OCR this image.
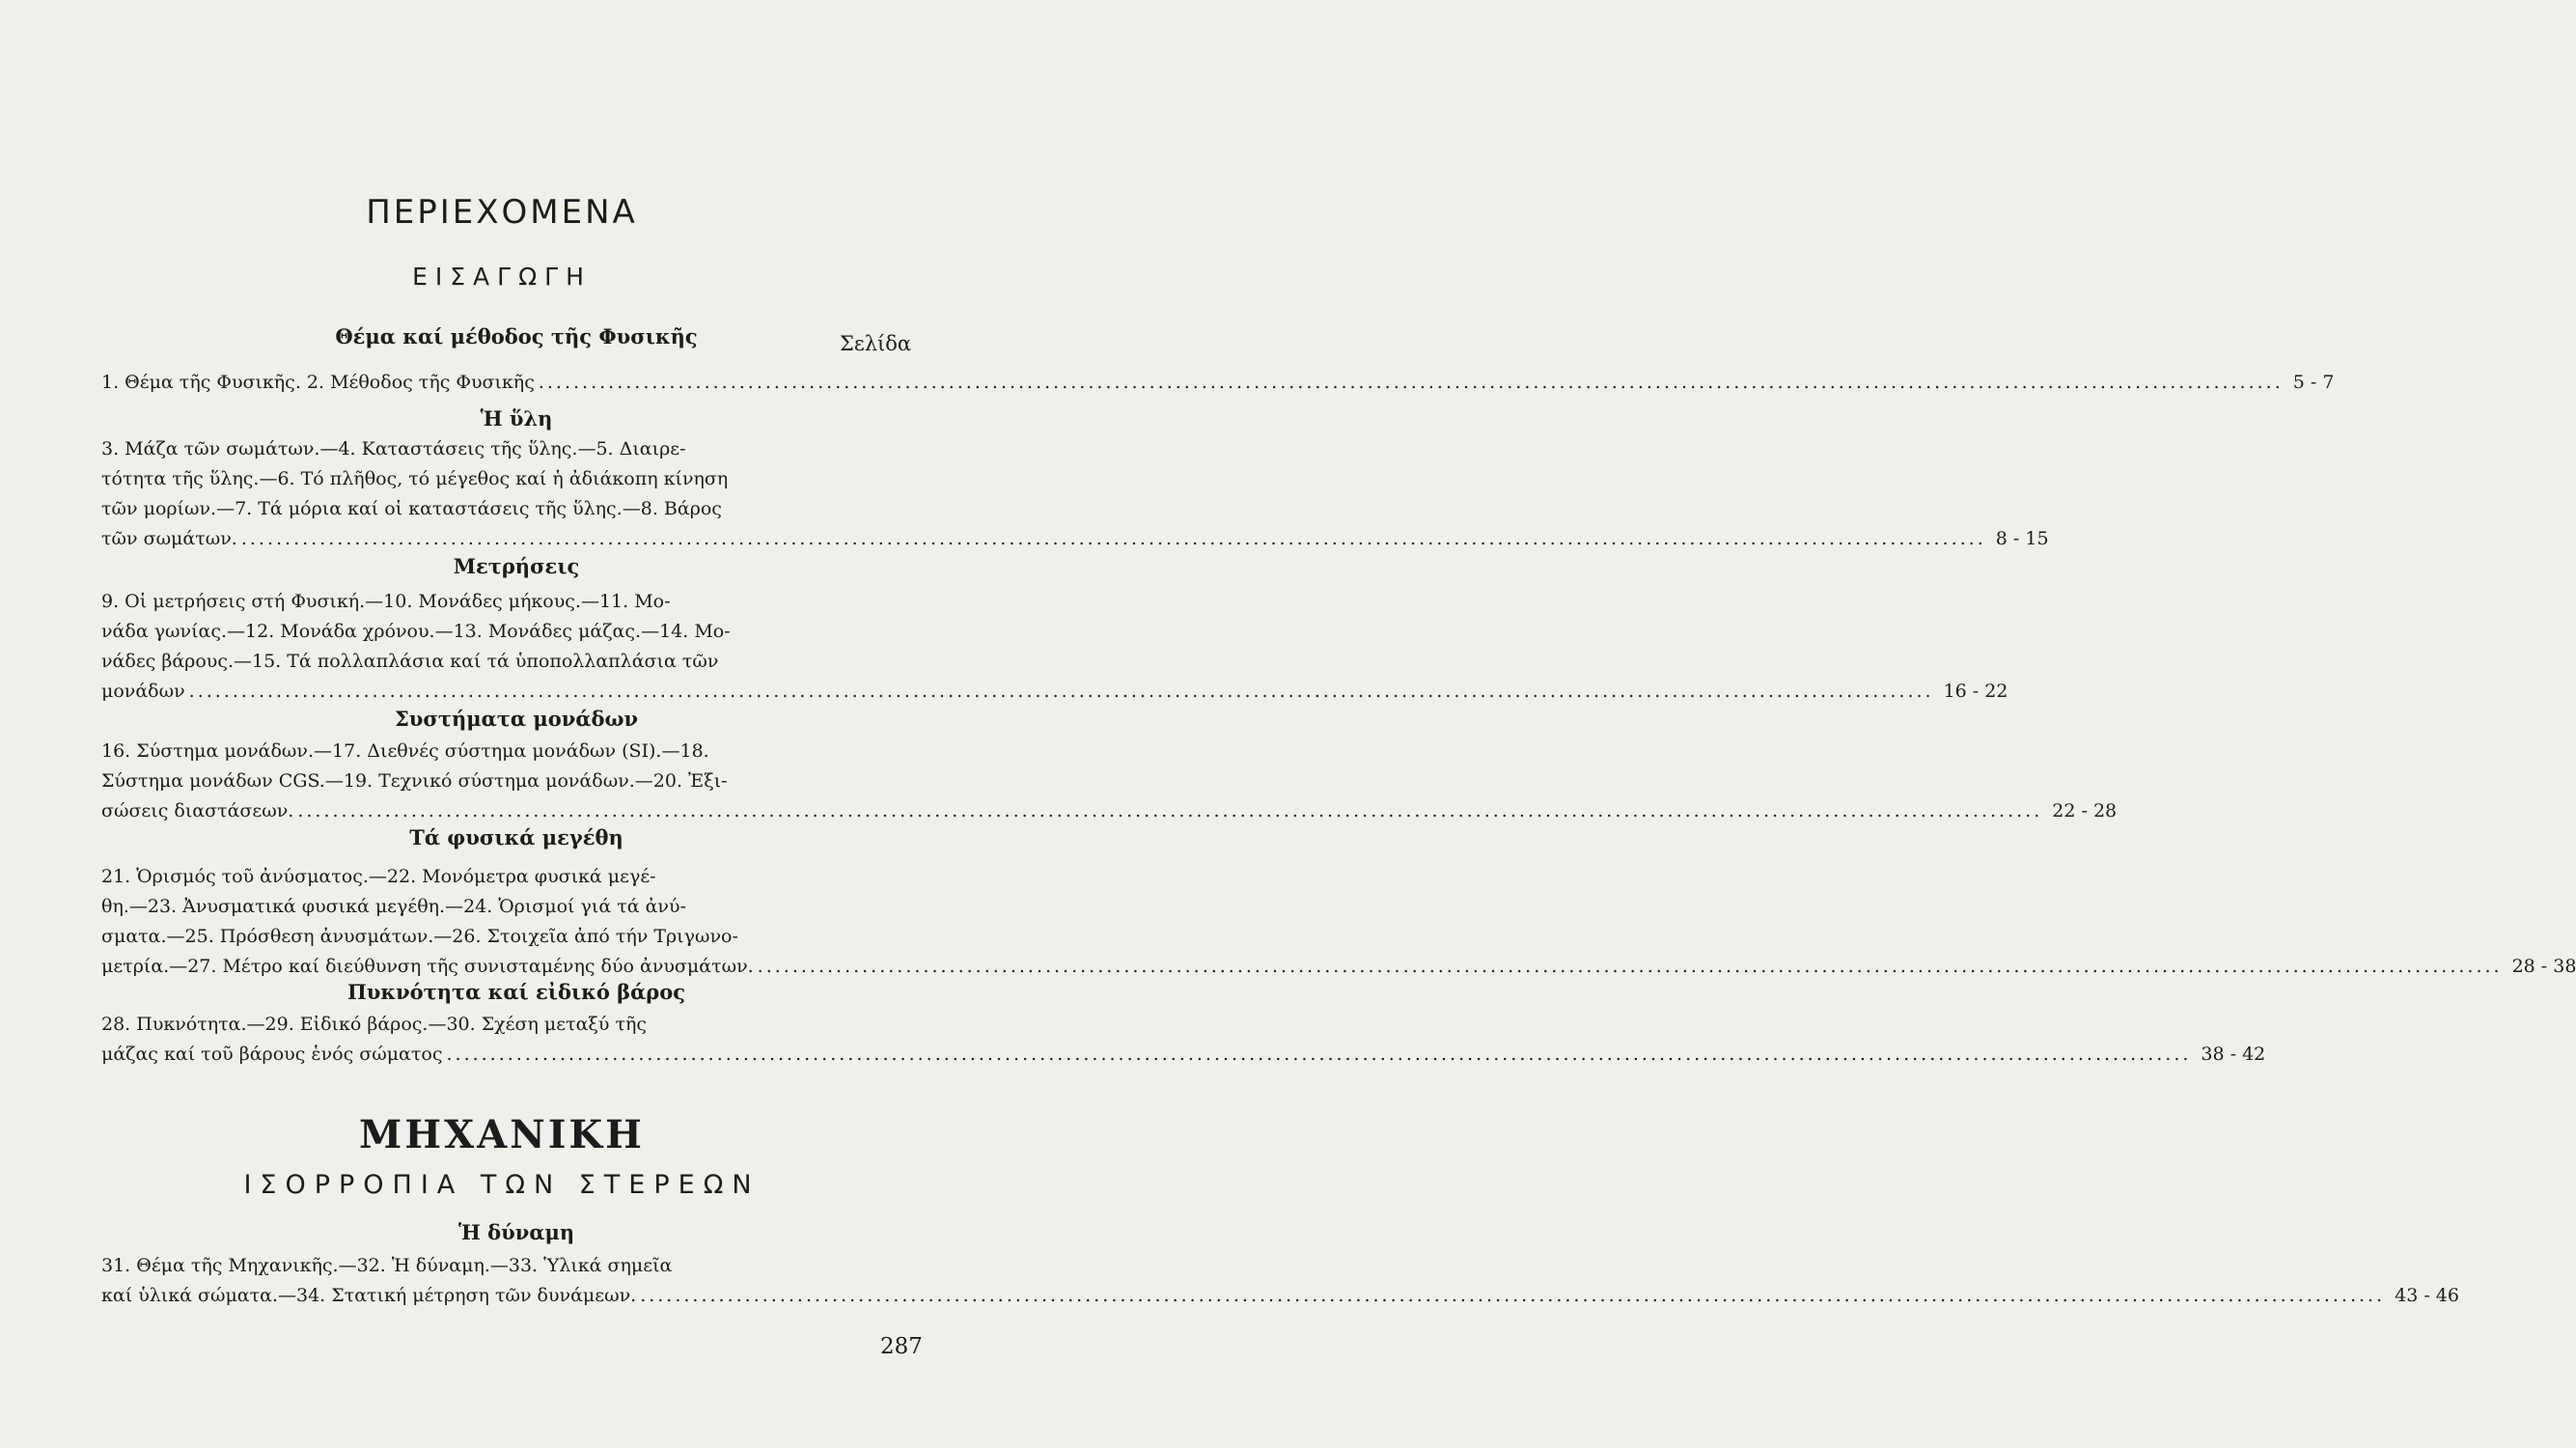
ΠΕΡΙΕΧΟΜΕΝΑ
ΕΙΣΑΓΩΓΗ
Σελίδα
Θέμα καί μέθοδος τῆς Φυσικῆς
1. Θέμα τῆς Φυσικῆς. 2. Μέθοδος τῆς Φυσικῆς ........................................................................................................................................................................................................ 5 - 7
Ἡ ὕλη
3. Μάζα τῶν σωμάτων.—4. Καταστάσεις τῆς ὕλης.—5. Διαιρε-
τότητα τῆς ὕλης.—6. Τό πλῆθος, τό μέγεθος καί ἡ ἀδιάκοπη κίνηση
τῶν μορίων.—7. Τά μόρια καί οἱ καταστάσεις τῆς ὕλης.—8. Βάρος
τῶν σωμάτων. ........................................................................................................................................................................................................ 8 - 15
Μετρήσεις
9. Οἱ μετρήσεις στή Φυσική.—10. Μονάδες μήκους.—11. Μο-
νάδα γωνίας.—12. Μονάδα χρόνου.—13. Μονάδες μάζας.—14. Μο-
νάδες βάρους.—15. Τά πολλαπλάσια καί τά ὑποπολλαπλάσια τῶν
μονάδων ........................................................................................................................................................................................................ 16 - 22
Συστήματα μονάδων
16. Σύστημα μονάδων.—17. Διεθνές σύστημα μονάδων (SI).—18.
Σύστημα μονάδων CGS.—19. Τεχνικό σύστημα μονάδων.—20. Ἐξι-
σώσεις διαστάσεων. ........................................................................................................................................................................................................ 22 - 28
Τά φυσικά μεγέθη
21. Ὁρισμός τοῦ ἀνύσματος.—22. Μονόμετρα φυσικά μεγέ-
θη.—23. Ἀνυσματικά φυσικά μεγέθη.—24. Ὁρισμοί γιά τά ἀνύ-
σματα.—25. Πρόσθεση ἀνυσμάτων.—26. Στοιχεῖα ἀπό τήν Τριγωνο-
μετρία.—27. Μέτρο καί διεύθυνση τῆς συνισταμένης δύο ἀνυσμάτων. ........................................................................................................................................................................................................ 28 - 38
Πυκνότητα καί εἰδικό βάρος
28. Πυκνότητα.—29. Εἰδικό βάρος.—30. Σχέση μεταξύ τῆς
μάζας καί τοῦ βάρους ἑνός σώματος ........................................................................................................................................................................................................ 38 - 42
ΜΗΧΑΝΙΚΗ
ΙΣΟΡΡΟΠΙΑ ΤΩΝ ΣΤΕΡΕΩΝ
Ἡ δύναμη
31. Θέμα τῆς Μηχανικῆς.—32. Ἡ δύναμη.—33. Ὑλικά σημεῖα
καί ὑλικά σώματα.—34. Στατική μέτρηση τῶν δυνάμεων. ........................................................................................................................................................................................................ 43 - 46
287
